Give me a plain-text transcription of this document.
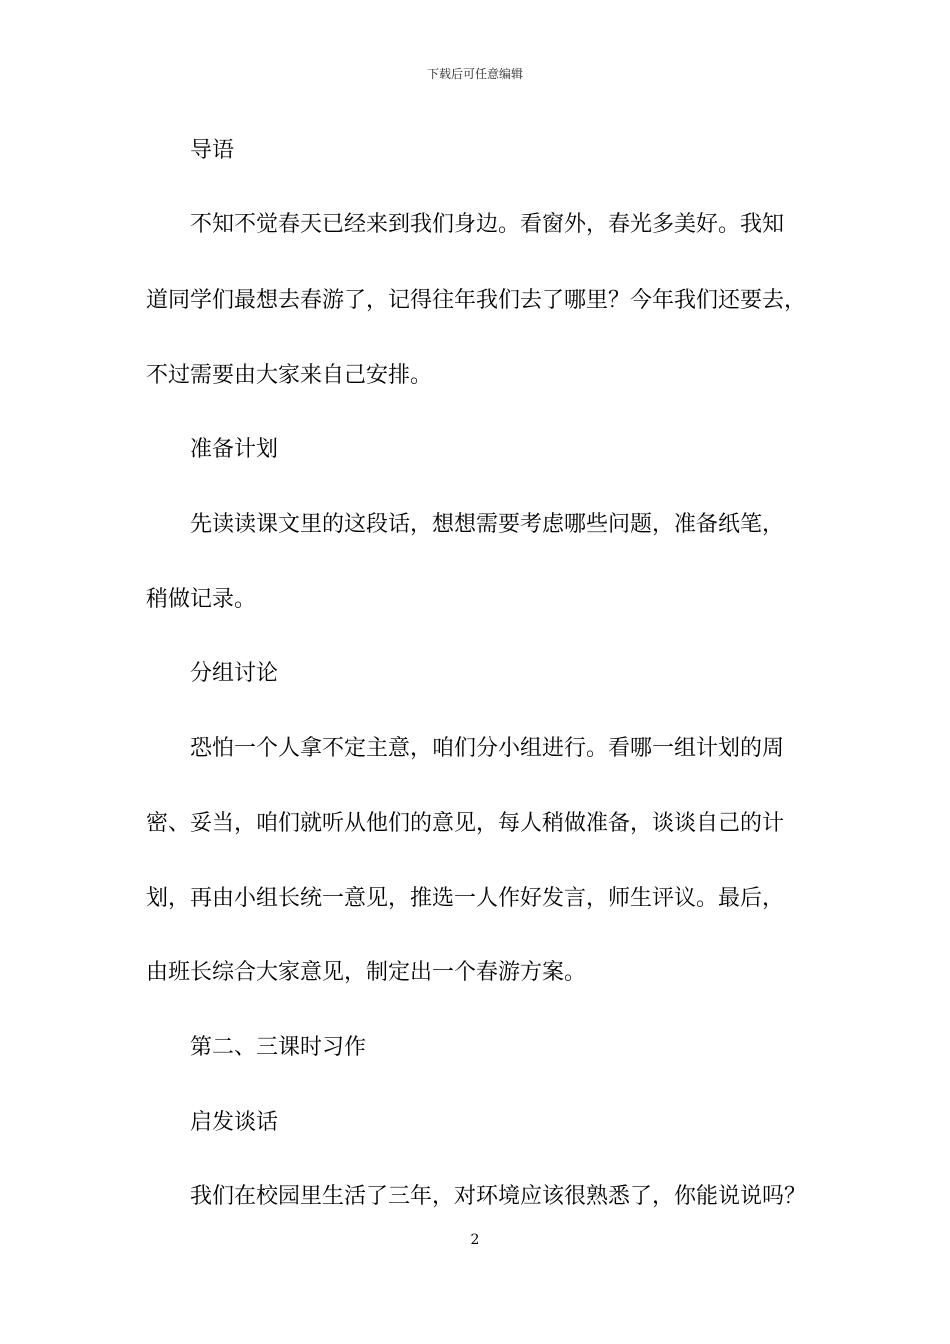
下载后可任意编辑
导语
不知不觉春天已经来到我们身边。看窗外，春光多美好。我知
道同学们最想去春游了，记得往年我们去了哪里？今年我们还要去，
不过需要由大家来自己安排。
准备计划
先读读课文里的这段话，想想需要考虑哪些问题，准备纸笔，
稍做记录。
分组讨论
恐怕一个人拿不定主意，咱们分小组进行。看哪一组计划的周
密、妥当，咱们就听从他们的意见，每人稍做准备，谈谈自己的计
划，再由小组长统一意见，推选一人作好发言，师生评议。最后，
由班长综合大家意见，制定出一个春游方案。
第二、三课时习作
启发谈话
我们在校园里生活了三年，对环境应该很熟悉了，你能说说吗？
2
